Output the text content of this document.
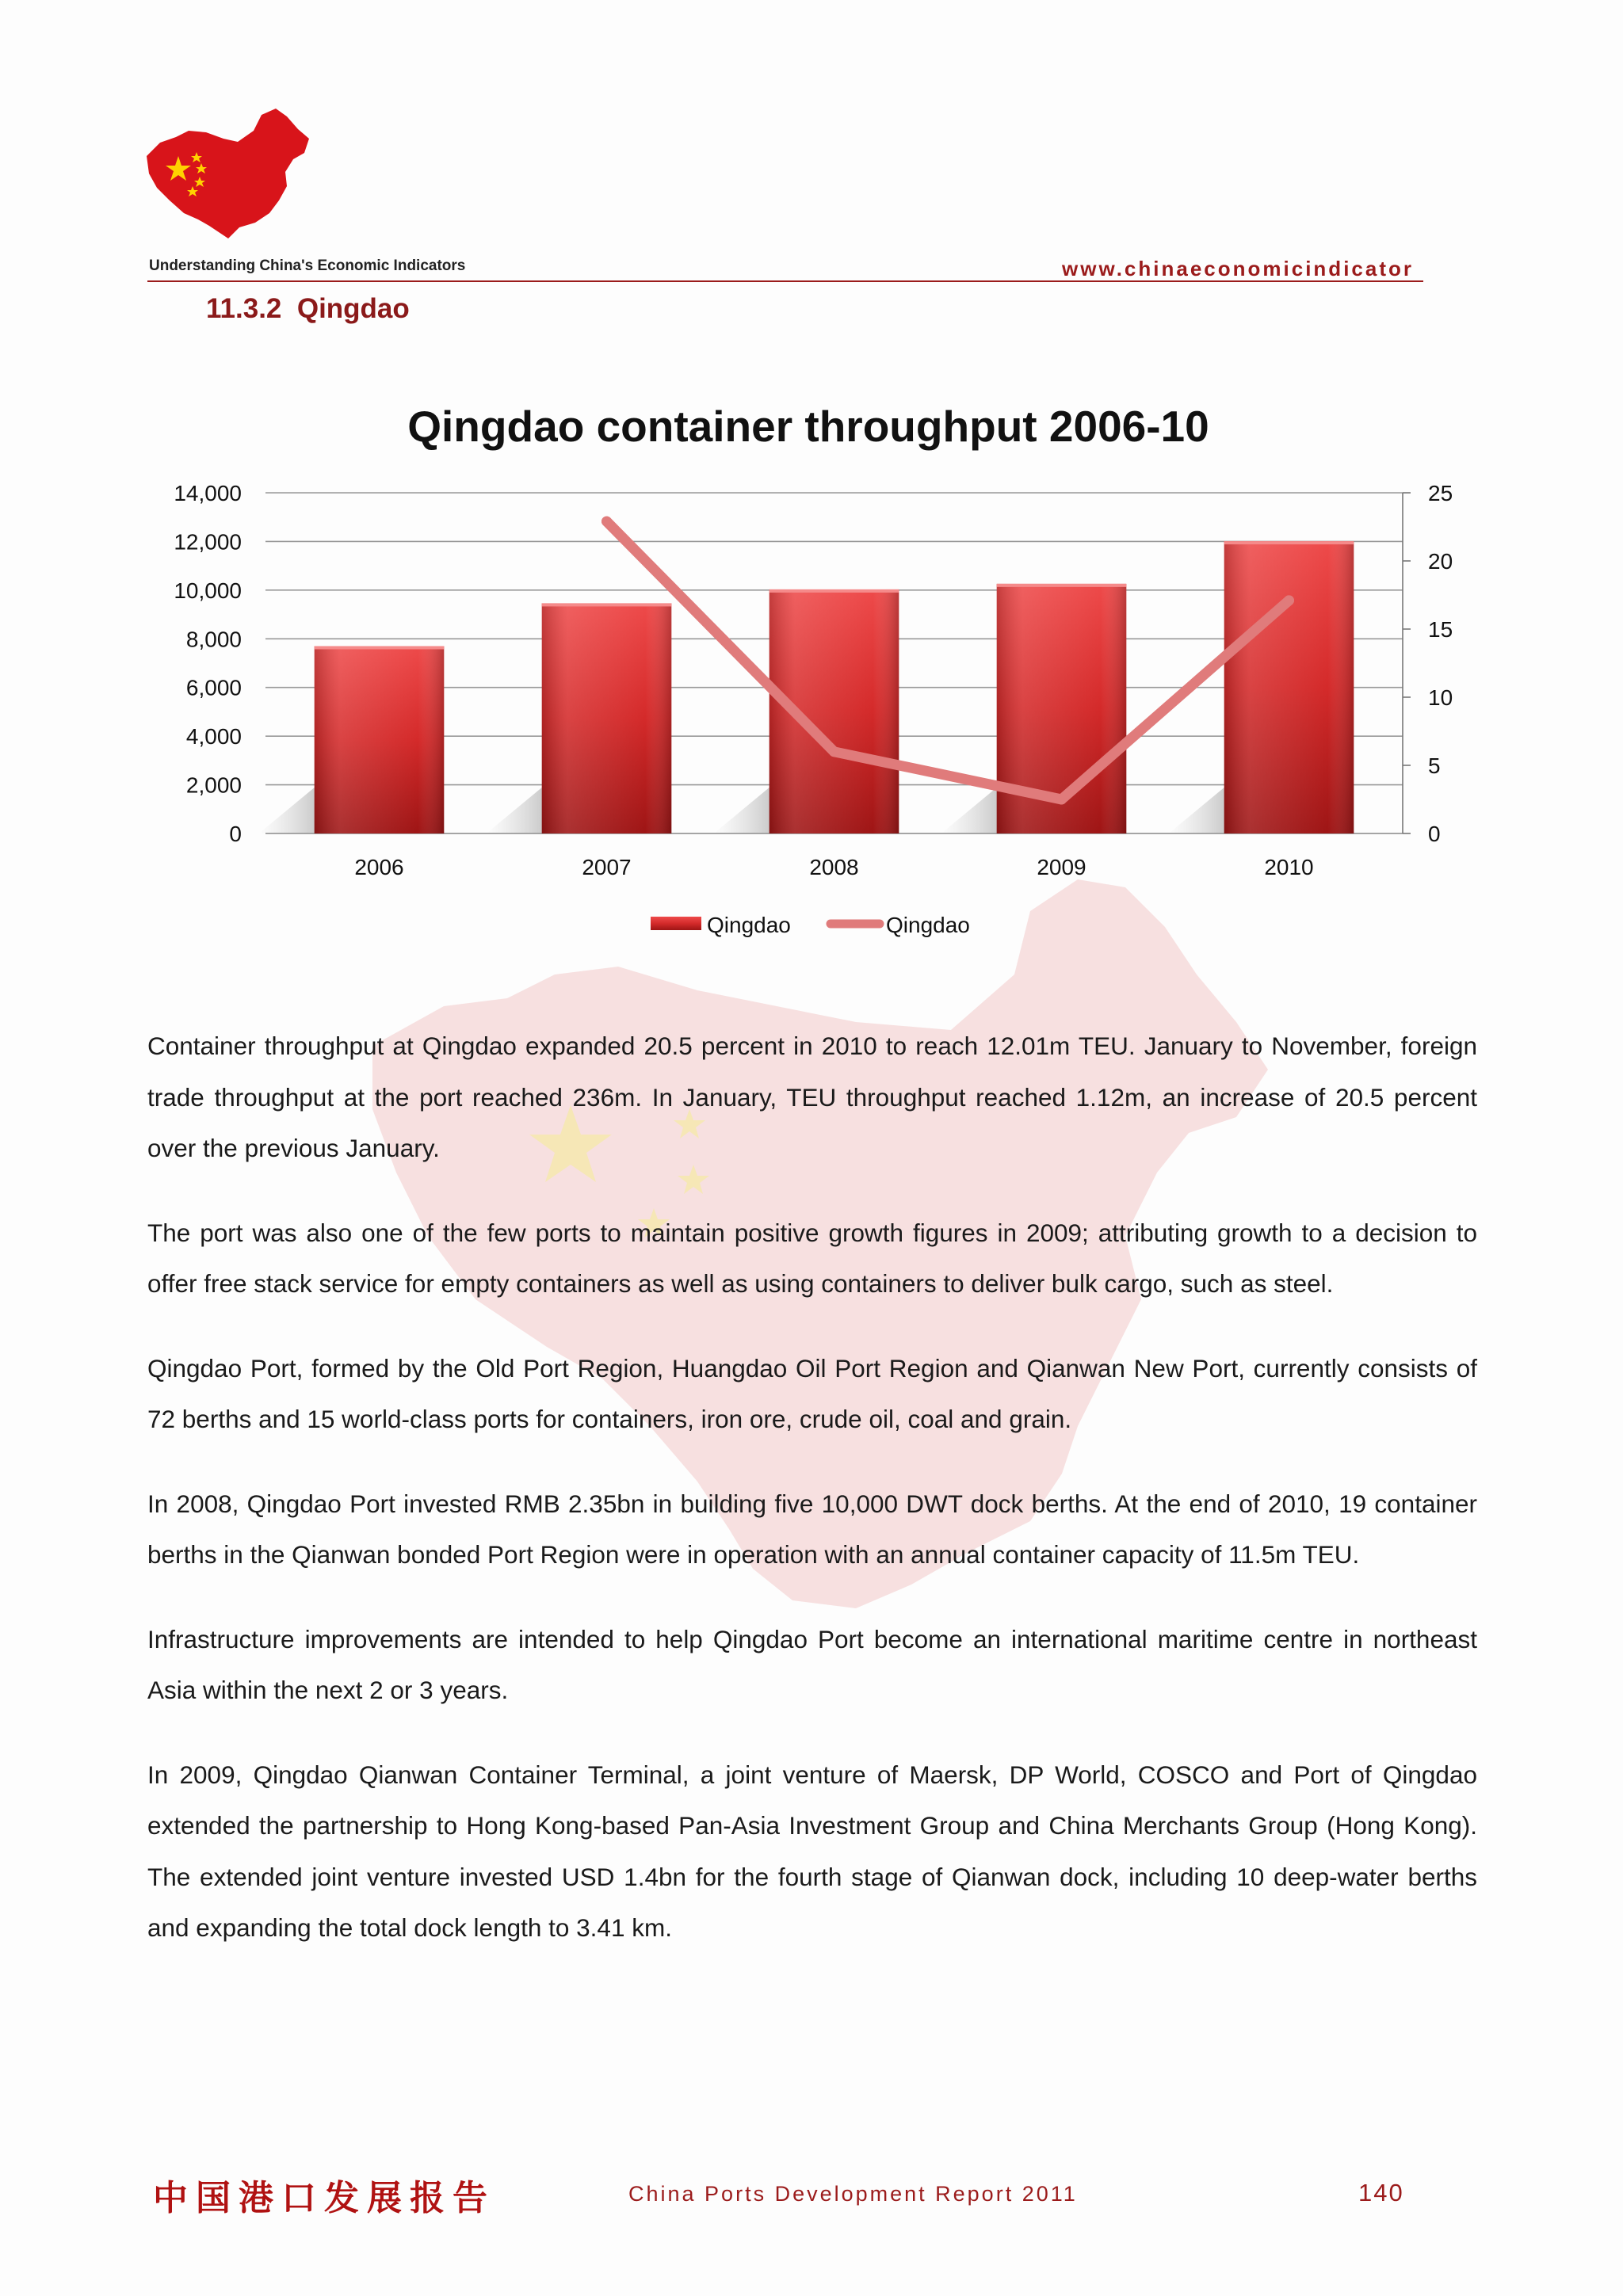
Understanding China's Economic Indicators	www.chinaeconomicindicator
11.3.2 Qingdao
Qingdao container throughput 2006-10
0
2,000
4,000
6,000
8,000
10,000
12,000
14,000
0
5
10
15
20
25
2006	2007	2008	2009	2010
Qingdao	Qingdao

Container throughput at Qingdao expanded 20.5 percent in 2010 to reach 12.01m TEU. January to November, foreign trade throughput at the port reached 236m. In January, TEU throughput reached 1.12m, an increase of 20.5 percent over the previous January.

The port was also one of the few ports to maintain positive growth figures in 2009; attributing growth to a decision to offer free stack service for empty containers as well as using containers to deliver bulk cargo, such as steel.

Qingdao Port, formed by the Old Port Region, Huangdao Oil Port Region and Qianwan New Port, currently consists of 72 berths and 15 world-class ports for containers, iron ore, crude oil, coal and grain.

In 2008, Qingdao Port invested RMB 2.35bn in building five 10,000 DWT dock berths. At the end of 2010, 19 container berths in the Qianwan bonded Port Region were in operation with an annual container capacity of 11.5m TEU.

Infrastructure improvements are intended to help Qingdao Port become an international maritime centre in northeast Asia within the next 2 or 3 years.

In 2009, Qingdao Qianwan Container Terminal, a joint venture of Maersk, DP World, COSCO and Port of Qingdao extended the partnership to Hong Kong-based Pan-Asia Investment Group and China Merchants Group (Hong Kong). The extended joint venture invested USD 1.4bn for the fourth stage of Qianwan dock, including 10 deep-water berths and expanding the total dock length to 3.41 km.

中国港口发展报告	China Ports Development Report 2011	140
